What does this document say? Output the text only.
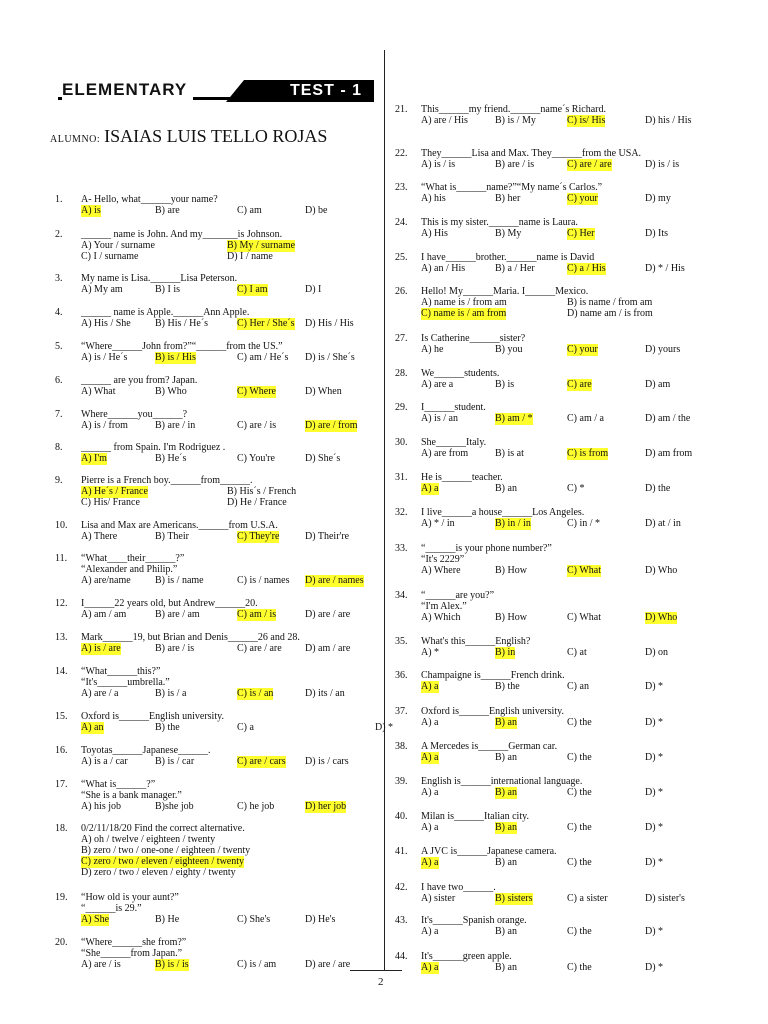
ELEMENTARY	TEST - 1
ALUMNO: ISAIAS LUIS TELLO ROJAS
2
1. A- Hello, what______your name?
A) is	B) are	C) am	D) be
2. ______ name is John. And my_______is Johnson.
A) Your / surname	B) My / surname
C) I / surname	D) I / name
3. My name is Lisa.______Lisa Peterson.
A) My am	B) I is	C) I am	D) I
4. ______ name is Apple.______Ann Apple.
A) His / She B) His / He´s	C) Her / She´s D) His / His
5. “Where______John from?”“______from the US.”
A) is / He´s	B) is / His	C) am / He´s D) is / She´s
6. ______ are you from? Japan.
A) What	B) Who	C) Where	D) When
7. Where______you______?
A) is / from	B) are / in	C) are / is	D) are / from
8. ______ from Spain. I'm Rodriguez .
A) I'm	B) He´s	C) You're	D) She´s
9. Pierre is a French boy.______from______.
A) He´s / France	B) His´s / French
C) His/ France	D) He / France
10. Lisa and Max are Americans.______from U.S.A.
A) There	B) Their	C) They're	D) Their're
11. “What____their______?”
“Alexander and Philip.”
A) are/name B) is / name	C) is / names D) are / names
12. I______22 years old, but Andrew______20.
A) am / am	B) are / am	C) am / is	D) are / are
13. Mark______19, but Brian and Denis______26 and 28.
A) is / are	B) are / is	C) are / are D) am / are
14. “What______this?”
“It's______umbrella.”
A) are / a	B) is / a	C) is / an	D) its / an
15. Oxford is______English university.
A) an	B) the	C) a	D) *
16. Toyotas______Japanese______.
A) is a / car	B) is / car	C) are / cars D) is / cars
17. “What is______?”
“She is a bank manager.”
A) his job	B)she job	C) he job	D) her job
18. 0/2/11/18/20 Find the correct alternative.
A) oh / twelve / eighteen / twenty
B) zero / two / one-one / eighteen / twenty
C) zero / two / eleven / eighteen / twenty
D) zero / two / eleven / eighty / twenty
19. “How old is your aunt?”
“______is 29.”
A) She	B) He	C) She's	D) He's
20. “Where______she from?”
“She______from Japan.”
A) are / is	B) is / is	C) is / am	D) are / are
21. This______my friend.______name´s Richard.
A) are / His	B) is / My	C) is/ His	D) his / His
22. They______Lisa and Max. They______from the USA.
A) is / is	B) are / is	C) are / are	D) is / is
23. “What is______name?”“My name´s Carlos.”
A) his	B) her	C) your	D) my
24. This is my sister.______name is Laura.
A) His	B) My	C) Her	D) Its
25. I have______brother.______name is David
A) an / His	B) a / Her	C) a / His	D) * / His
26. Hello! My______Maria. I______Mexico.
A) name is / from am	B) is name / from am
C) name is / am from	D) name am / is from
27. Is Catherine______sister?
A) he	B) you	C) your	D) yours
28. We______students.
A) are a	B) is	C) are	D) am
29. I______student.
A) is / an	B) am / *	C) am / a	D) am / the
30. She______Italy.
A) are from	B) is at	C) is from	D) am from
31. He is______teacher.
A) a	B) an	C) *	D) the
32. I live______a house______Los Angeles.
A) * / in	B) in / in	C) in / *	D) at / in
33. “______is your phone number?”
“It's 2229”
A) Where	B) How	C) What	D) Who
34. “______are you?”
“I'm Alex.”
A) Which	B) How	C) What	D) Who
35. What's this______English?
A) *	B) in	C) at	D) on
36. Champaigne is______French drink.
A) a	B) the	C) an	D) *
37. Oxford is______English university.
A) a	B) an	C) the	D) *
38. A Mercedes is______German car.
A) a	B) an	C) the	D) *
39. English is______international language.
A) a	B) an	C) the	D) *
40. Milan is______Italian city.
A) a	B) an	C) the	D) *
41. A JVC is______Japanese camera.
A) a	B) an	C) the	D) *
42. I have two______.
A) sister	B) sisters	C) a sister	D) sister's
43. It's______Spanish orange.
A) a	B) an	C) the	D) *
44. It's______green apple.
A) a	B) an	C) the	D) *
